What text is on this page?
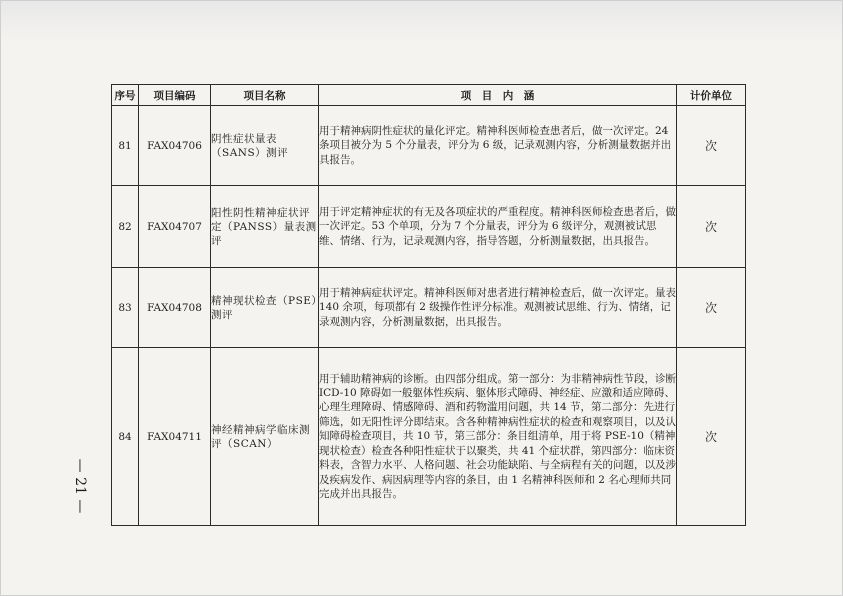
序号	项目编码	项目名称	项　目　内　涵	计价单位
81	FAX04706	阴性症状量表（SANS）测评	用于精神病阴性症状的量化评定。精神科医师检查患者后，做一次评定。24 条项目被分为 5 个分量表，评分为 6 级，记录观测内容，分析测量数据并出具报告。	次
82	FAX04707	阳性阴性精神症状评定（PANSS）量表测评	用于评定精神症状的有无及各项症状的严重程度。精神科医师检查患者后，做一次评定。53 个单项，分为 7 个分量表，评分为 6 级评分，观测被试思维、情绪、行为，记录观测内容，指导答题，分析测量数据，出具报告。	次
83	FAX04708	精神现状检查（PSE）测评	用于精神病症状评定。精神科医师对患者进行精神检查后，做一次评定。量表 140 余项，每项都有 2 级操作性评分标准。观测被试思维、行为、情绪，记录观测内容，分析测量数据，出具报告。	次
84	FAX04711	神经精神病学临床测评（SCAN）	用于辅助精神病的诊断。由四部分组成。第一部分：为非精神病性节段，诊断 ICD-10 障碍如一般躯体性疾病、躯体形式障碍、神经症、应激和适应障碍、心理生理障碍、情感障碍、酒和药物滥用问题，共 14 节，第二部分：先进行筛选，如无阳性评分即结束。含各种精神病性症状的检查和观察项目，以及认知障碍检查项目，共 10 节，第三部分：条目组清单，用于将 PSE-10（精神现状检查）检查各种阳性症状于以聚类，共 41 个症状群，第四部分：临床资料表，含智力水平、人格问题、社会功能缺陷、与全病程有关的问题，以及涉及疾病发作、病因病理等内容的条目，由 1 名精神科医师和 2 名心理师共同完成并出具报告。	次
— 21 —
